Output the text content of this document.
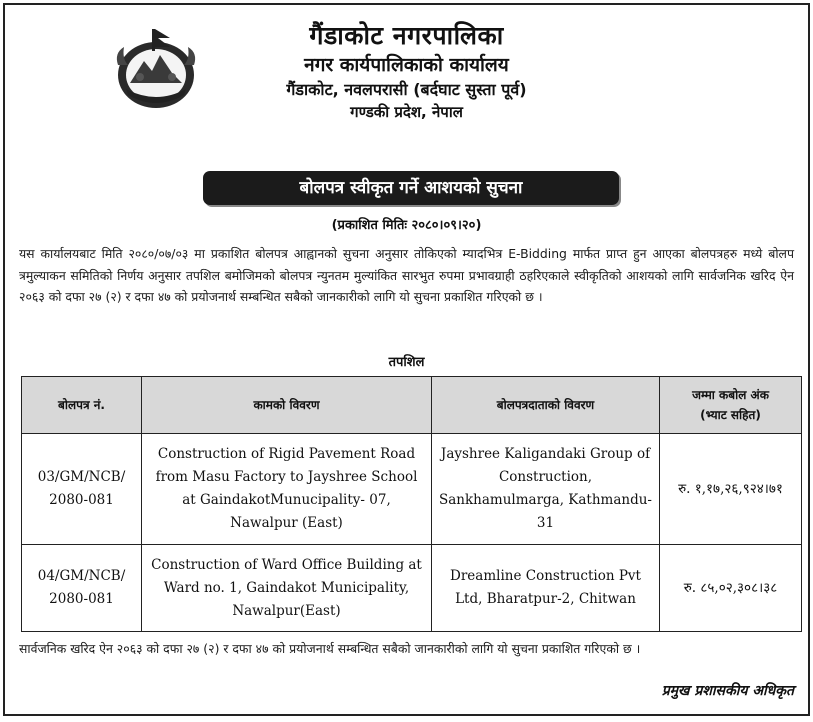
गैंडाकोट नगरपालिका
नगर कार्यपालिकाको कार्यालय
गैंडाकोट, नवलपरासी (बर्दघाट सुस्ता पूर्व)
गण्डकी प्रदेश, नेपाल
बोलपत्र स्वीकृत गर्ने आशयको सुचना
(प्रकाशित मितिः २०८०।०९।२०)
यस कार्यालयबाट मिति २०८०/०७/०३ मा प्रकाशित बोलपत्र आह्वानको सुचना अनुसार तोकिएको म्यादभित्र E-Bidding मार्फत प्राप्त हुन आएका बोलपत्रहरु मध्ये बोलप त्रमुल्याकन समितिको निर्णय अनुसार तपशिल बमोजिमको बोलपत्र न्युनतम मुल्यांकित सारभुत रुपमा प्रभावग्राही ठहरिएकाले स्वीकृतिको आशयको लागि सार्वजनिक खरिद ऐन २०६३ को दफा २७ (२) र दफा ४७ को प्रयोजनार्थ सम्बन्धित सबैको जानकारीको लागि यो सुचना प्रकाशित गरिएको छ ।
तपशिल
बोलपत्र नं.	कामको विवरण	बोलपत्रदाताको विवरण	जम्मा कबोल अंक
(भ्याट सहित)

03/GM/NCB/
2080-081	Construction of Rigid Pavement Road from Masu Factory to Jayshree School at GaindakotMunucipality- 07, Nawalpur (East)	Jayshree Kaligandaki Group of Construction, Sankhamulmarga, Kathmandu-31	रु. १,१७,२६,९२४।७१

04/GM/NCB/
2080-081	Construction of Ward Office Building at Ward no. 1, Gaindakot Municipality, Nawalpur(East)	Dreamline Construction Pvt Ltd, Bharatpur-2, Chitwan	रु. ८५,०२,३०८।३८
सार्वजनिक खरिद ऐन २०६३ को दफा २७ (२) र दफा ४७ को प्रयोजनार्थ सम्बन्धित सबैको जानकारीको लागि यो सुचना प्रकाशित गरिएको छ ।
प्रमुख प्रशासकीय अधिकृत
